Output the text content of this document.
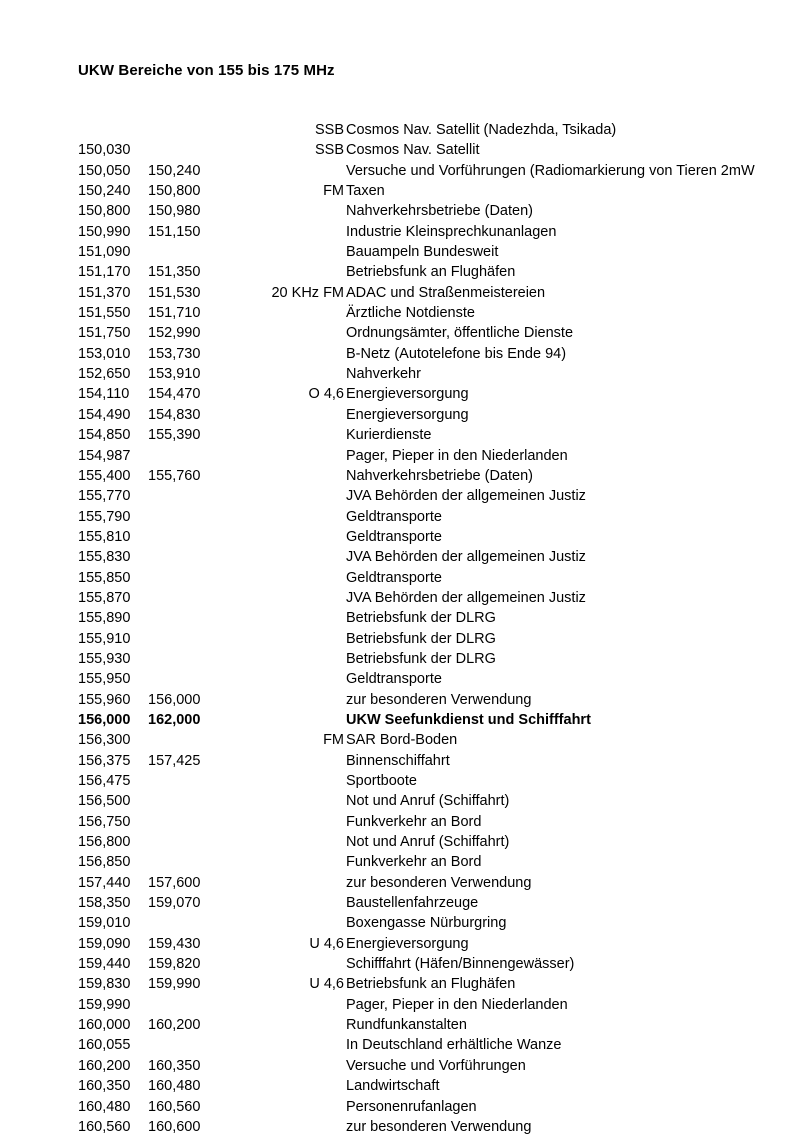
UKW Bereiche von 155 bis 175 MHz
SSB Cosmos Nav. Satellit (Nadezhda, Tsikada)
150,030	SSB Cosmos Nav. Satellit
150,050	150,240	Versuche und Vorführungen (Radiomarkierung von Tieren 2mW
150,240	150,800	FM Taxen
150,800	150,980	Nahverkehrsbetriebe (Daten)
150,990	151,150	Industrie Kleinsprechkunanlagen
151,090	Bauampeln Bundesweit
151,170	151,350	Betriebsfunk an Flughäfen
151,370	151,530	20 KHz FM ADAC und Straßenmeistereien
151,550	151,710	Ärztliche Notdienste
151,750	152,990	Ordnungsämter, öffentliche Dienste
153,010	153,730	B-Netz (Autotelefone bis Ende 94)
152,650	153,910	Nahverkehr
154,110	154,470	O 4,6 Energieversorgung
154,490	154,830	Energieversorgung
154,850	155,390	Kurierdienste
154,987	Pager, Pieper in den Niederlanden
155,400	155,760	Nahverkehrsbetriebe (Daten)
155,770	JVA Behörden der allgemeinen Justiz
155,790	Geldtransporte
155,810	Geldtransporte
155,830	JVA Behörden der allgemeinen Justiz
155,850	Geldtransporte
155,870	JVA Behörden der allgemeinen Justiz
155,890	Betriebsfunk der DLRG
155,910	Betriebsfunk der DLRG
155,930	Betriebsfunk der DLRG
155,950	Geldtransporte
155,960	156,000	zur besonderen Verwendung
156,000	162,000	UKW Seefunkdienst und Schifffahrt
156,300	FM SAR Bord-Boden
156,375	157,425	Binnenschiffahrt
156,475	Sportboote
156,500	Not und Anruf (Schiffahrt)
156,750	Funkverkehr an Bord
156,800	Not und Anruf (Schiffahrt)
156,850	Funkverkehr an Bord
157,440	157,600	zur besonderen Verwendung
158,350	159,070	Baustellenfahrzeuge
159,010	Boxengasse Nürburgring
159,090	159,430	U 4,6 Energieversorgung
159,440	159,820	Schifffahrt (Häfen/Binnengewässer)
159,830	159,990	U 4,6 Betriebsfunk an Flughäfen
159,990	Pager, Pieper in den Niederlanden
160,000	160,200	Rundfunkanstalten
160,055	In Deutschland erhältliche Wanze
160,200	160,350	Versuche und Vorführungen
160,350	160,480	Landwirtschaft
160,480	160,560	Personenrufanlagen
160,560	160,600	zur besonderen Verwendung
